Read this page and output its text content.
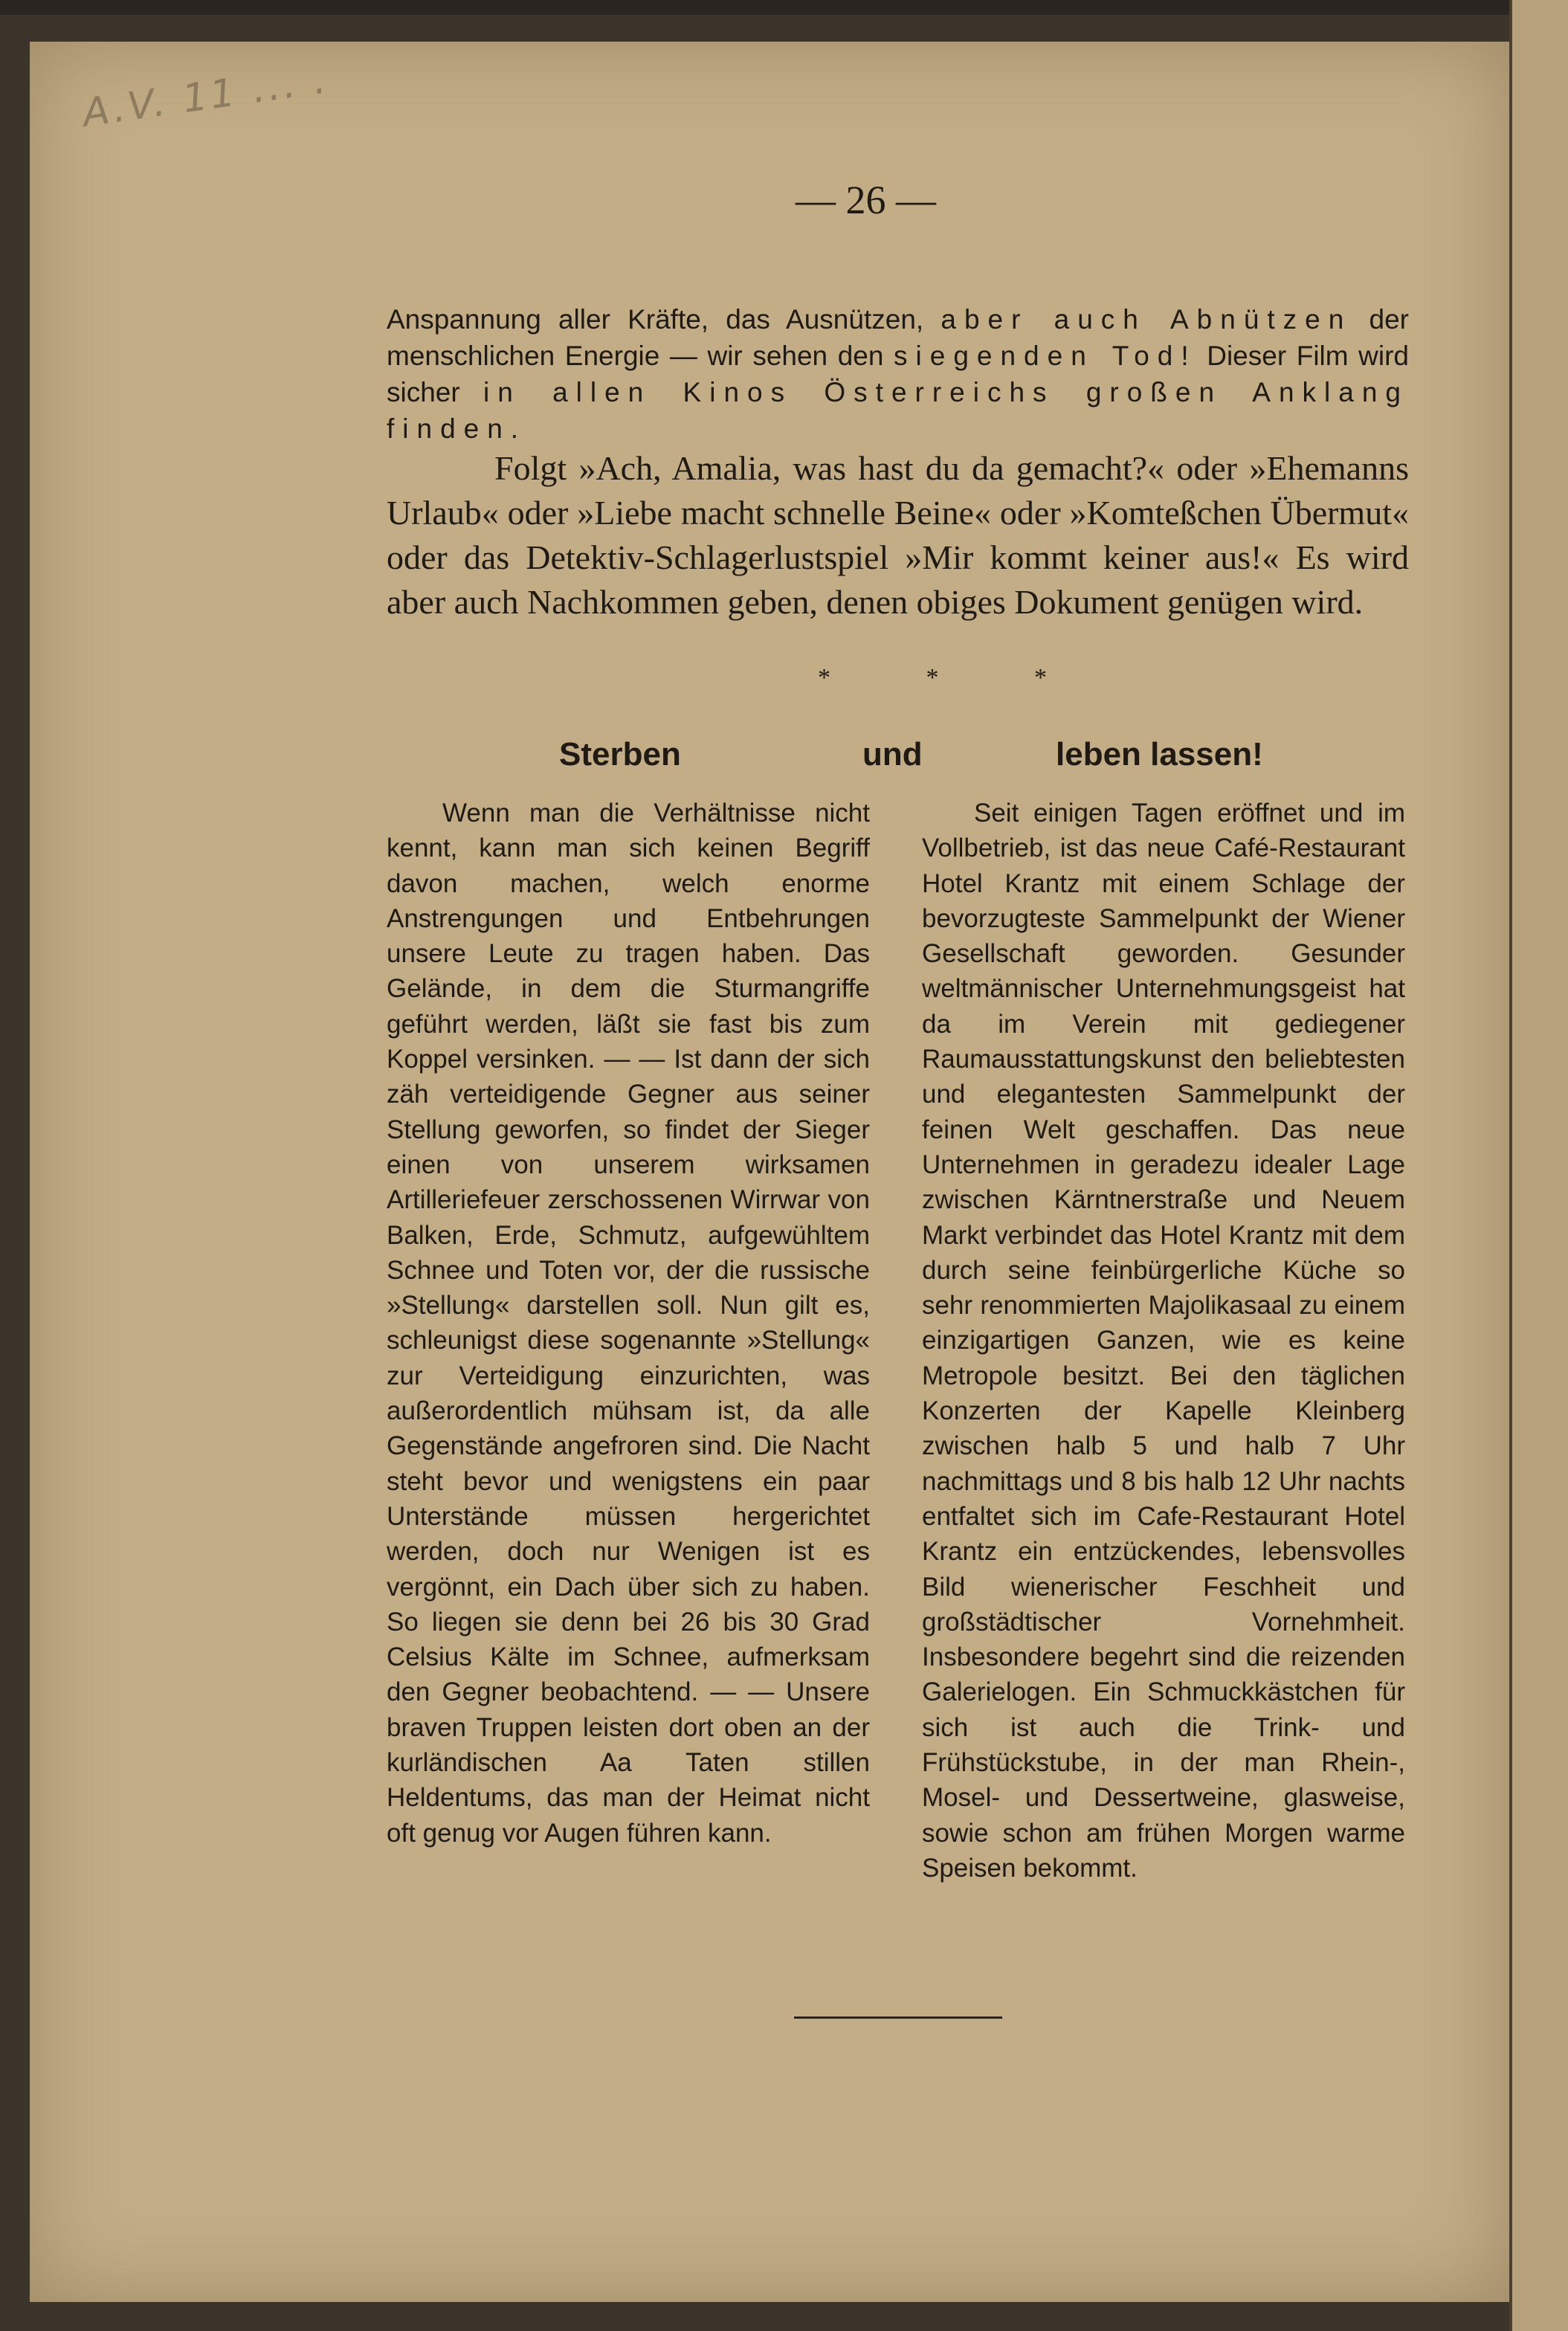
A.V. 11 ... .
— 26 —
Anspannung aller Kräfte, das Ausnützen, aber auch Abnützen der menschlichen Energie — wir sehen den siegenden Tod! Dieser Film wird sicher in allen Kinos Österreichs großen Anklang finden.
Folgt »Ach, Amalia, was hast du da gemacht?« oder »Ehemanns Urlaub« oder »Liebe macht schnelle Beine« oder »Komteßchen Übermut« oder das Detektiv-Schlagerlustspiel »Mir kommt keiner aus!« Es wird aber auch Nachkommen geben, denen obiges Dokument genügen wird.
* * *
Sterben	und	leben lassen!

Wenn man die Verhältnisse nicht kennt, kann man sich keinen Begriff davon machen, welch enorme Anstrengungen und Entbehrungen unsere Leute zu tragen haben. Das Gelände, in dem die Sturmangriffe geführt werden, läßt sie fast bis zum Koppel versinken. — — Ist dann der sich zäh verteidigende Gegner aus seiner Stellung geworfen, so findet der Sieger einen von unserem wirksamen Artilleriefeuer zerschossenen Wirrwar von Balken, Erde, Schmutz, aufgewühltem Schnee und Toten vor, der die russische »Stellung« darstellen soll. Nun gilt es, schleunigst diese sogenannte »Stellung« zur Verteidigung einzurichten, was außerordentlich mühsam ist, da alle Gegenstände angefroren sind. Die Nacht steht bevor und wenigstens ein paar Unterstände müssen hergerichtet werden, doch nur Wenigen ist es vergönnt, ein Dach über sich zu haben. So liegen sie denn bei 26 bis 30 Grad Celsius Kälte im Schnee, aufmerksam den Gegner beobachtend. — — Unsere braven Truppen leisten dort oben an der kurländischen Aa Taten stillen Heldentums, das man der Heimat nicht oft genug vor Augen führen kann.

Seit einigen Tagen eröffnet und im Vollbetrieb, ist das neue Café-Restaurant Hotel Krantz mit einem Schlage der bevorzugteste Sammelpunkt der Wiener Gesellschaft geworden. Gesunder weltmännischer Unternehmungsgeist hat da im Verein mit gediegener Raumausstattungskunst den beliebtesten und elegantesten Sammelpunkt der feinen Welt geschaffen. Das neue Unternehmen in geradezu idealer Lage zwischen Kärntnerstraße und Neuem Markt verbindet das Hotel Krantz mit dem durch seine feinbürgerliche Küche so sehr renommierten Majolikasaal zu einem einzigartigen Ganzen, wie es keine Metropole besitzt. Bei den täglichen Konzerten der Kapelle Kleinberg zwischen halb 5 und halb 7 Uhr nachmittags und 8 bis halb 12 Uhr nachts entfaltet sich im Cafe-Restaurant Hotel Krantz ein entzückendes, lebensvolles Bild wienerischer Feschheit und großstädtischer Vornehmheit. Insbesondere begehrt sind die reizenden Galerielogen. Ein Schmuckkästchen für sich ist auch die Trink- und Frühstückstube, in der man Rhein-, Mosel- und Dessertweine, glasweise, sowie schon am frühen Morgen warme Speisen bekommt.
